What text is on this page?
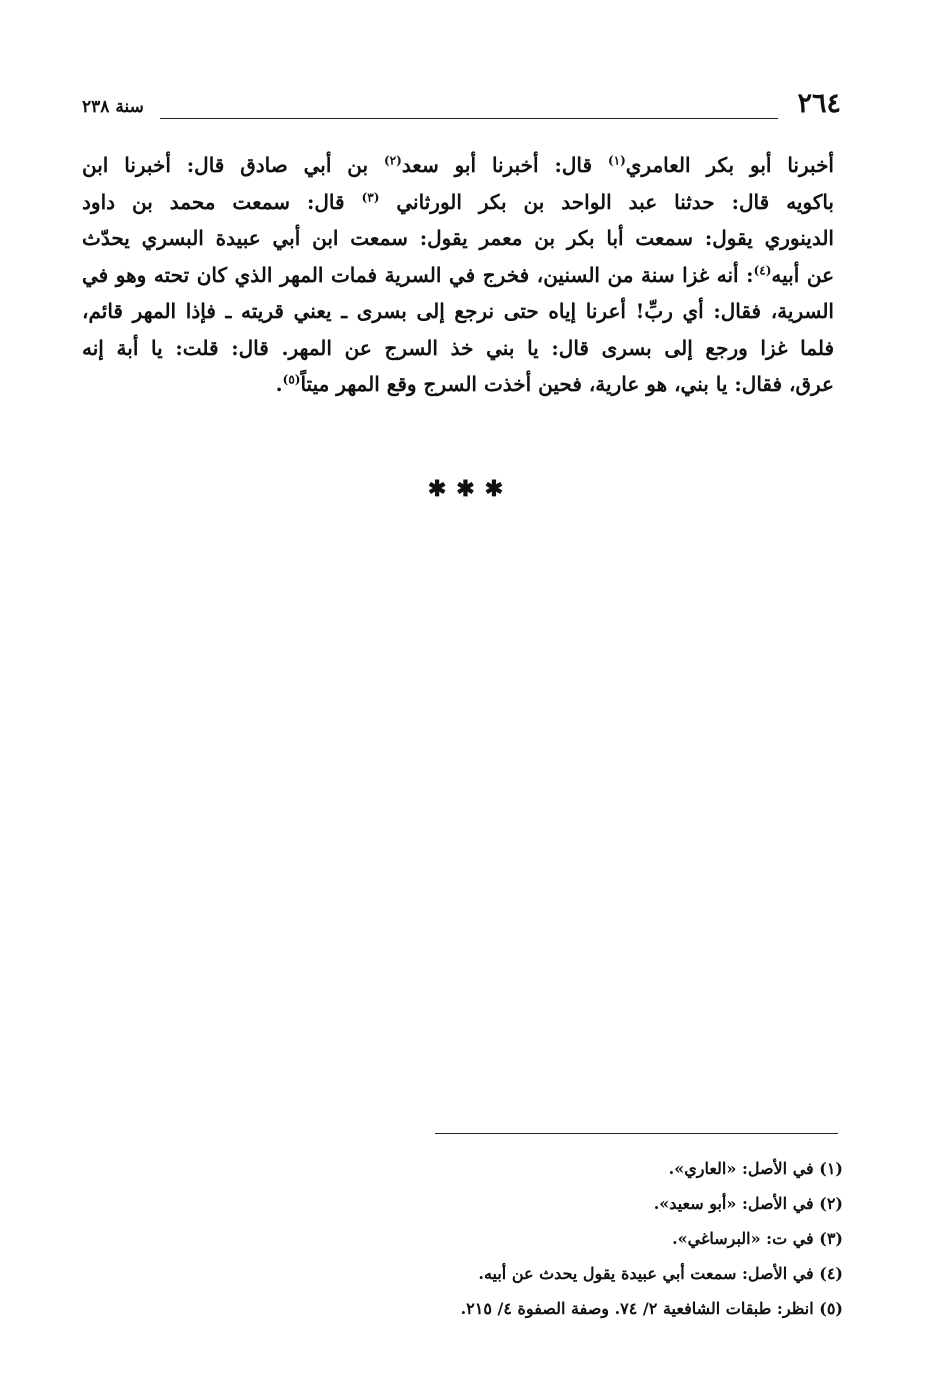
٢٦٤
سنة ٢٣٨
أخبرنا أبو بكر العامري$^{(١)}$ قال: أخبرنا أبو سعد$^{(٢)}$ بن أبي صادق قال: أخبرنا ابن
باكويه قال: حدثنا عبد الواحد بن بكر الورثاني $^{(٣)}$ قال: سمعت محمد بن داود
الدينوري يقول: سمعت أبا بكر بن معمر يقول: سمعت ابن أبي عبيدة البسري يحدّث
عن أبيه$^{(٤)}$: أنه غزا سنة من السنين، فخرج في السرية فمات المهر الذي كان تحته وهو في
السرية، فقال: أي ربِّ! أعرنا إياه حتى نرجع إلى بسرى ـ يعني قريته ـ فإذا المهر قائم،
فلما غزا ورجع إلى بسرى قال: يا بني خذ السرج عن المهر. قال: قلت: يا أبة إنه
عرق، فقال: يا بني، هو عارية، فحين أخذت السرج وقع المهر ميتاً$^{(٥)}$.
✱✱✱
(١) في الأصل: «العاري».
(٢) في الأصل: «أبو سعيد».
(٣) في ت: «البرساغي».
(٤) في الأصل: سمعت أبي عبيدة يقول يحدث عن أبيه.
(٥) انظر: طبقات الشافعية ٢/ ٧٤. وصفة الصفوة ٤/ ٢١٥.
